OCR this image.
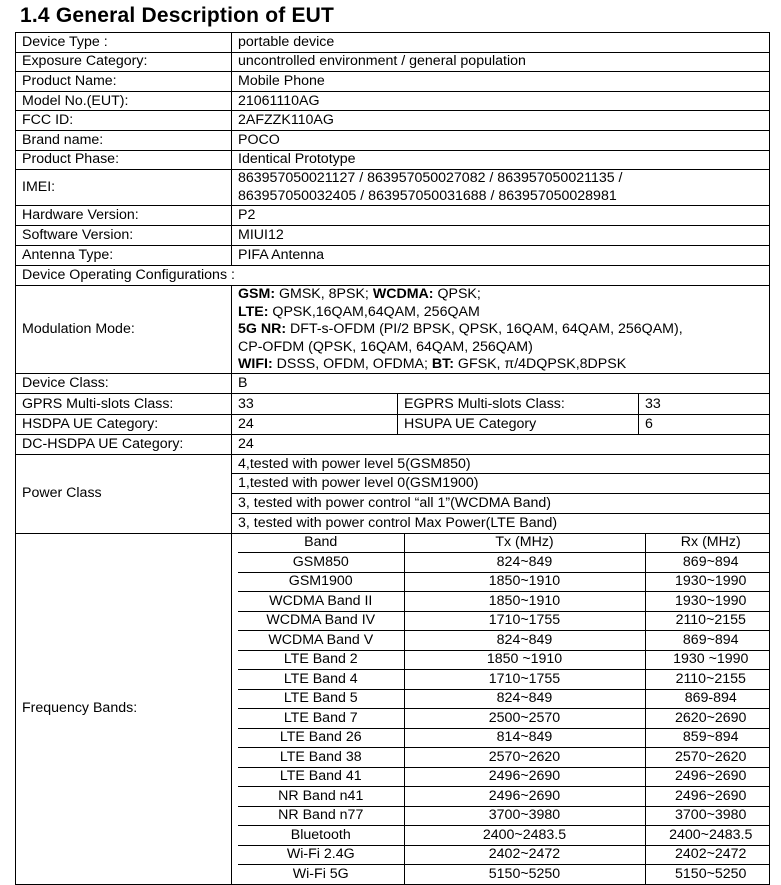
1.4 General Description of EUT
Device Type :	portable device
Exposure Category:	uncontrolled environment / general population
Product Name:	Mobile Phone
Model No.(EUT):	21061110AG
FCC ID:	2AFZZK110AG
Brand name:	POCO
Product Phase:	Identical Prototype
IMEI:	
863957050021127 / 863957050027082 / 863957050021135 /
863957050032405 / 863957050031688 / 863957050028981

Hardware Version:	P2
Software Version:	MIUI12
Antenna Type:	PIFA Antenna
Device Operating Configurations :
Modulation Mode:	
GSM: GMSK, 8PSK; WCDMA: QPSK;
LTE: QPSK,16QAM,64QAM, 256QAM
5G NR: DFT-s-OFDM (PI/2 BPSK, QPSK, 16QAM, 64QAM, 256QAM),
CP-OFDM (QPSK, 16QAM, 64QAM, 256QAM)
WIFI: DSSS, OFDM, OFDMA; BT: GFSK, π/4DQPSK,8DPSK

Device Class:	B
GPRS Multi-slots Class:	33	EGPRS Multi-slots Class:	33
HSDPA UE Category:	24	HSUPA UE Category	6
DC-HSDPA UE Category:	24
Power Class	4,tested with power level 5(GSM850)
1,tested with power level 0(GSM1900)
3, tested with power control “all 1”(WCDMA Band)
3, tested with power control Max Power(LTE Band)
Frequency Bands:	
Band	Tx (MHz)	Rx (MHz)
GSM850	824~849	869~894
GSM1900	1850~1910	1930~1990
WCDMA Band II	1850~1910	1930~1990
WCDMA Band IV	1710~1755	2110~2155
WCDMA Band V	824~849	869~894
LTE Band 2	1850 ~1910	1930 ~1990
LTE Band 4	1710~1755	2110~2155
LTE Band 5	824~849	869-894
LTE Band 7	2500~2570	2620~2690
LTE Band 26	814~849	859~894
LTE Band 38	2570~2620	2570~2620
LTE Band 41	2496~2690	2496~2690
NR Band n41	2496~2690	2496~2690
NR Band n77	3700~3980	3700~3980
Bluetooth	2400~2483.5	2400~2483.5
Wi-Fi 2.4G	2402~2472	2402~2472
Wi-Fi 5G	5150~5250	5150~5250
